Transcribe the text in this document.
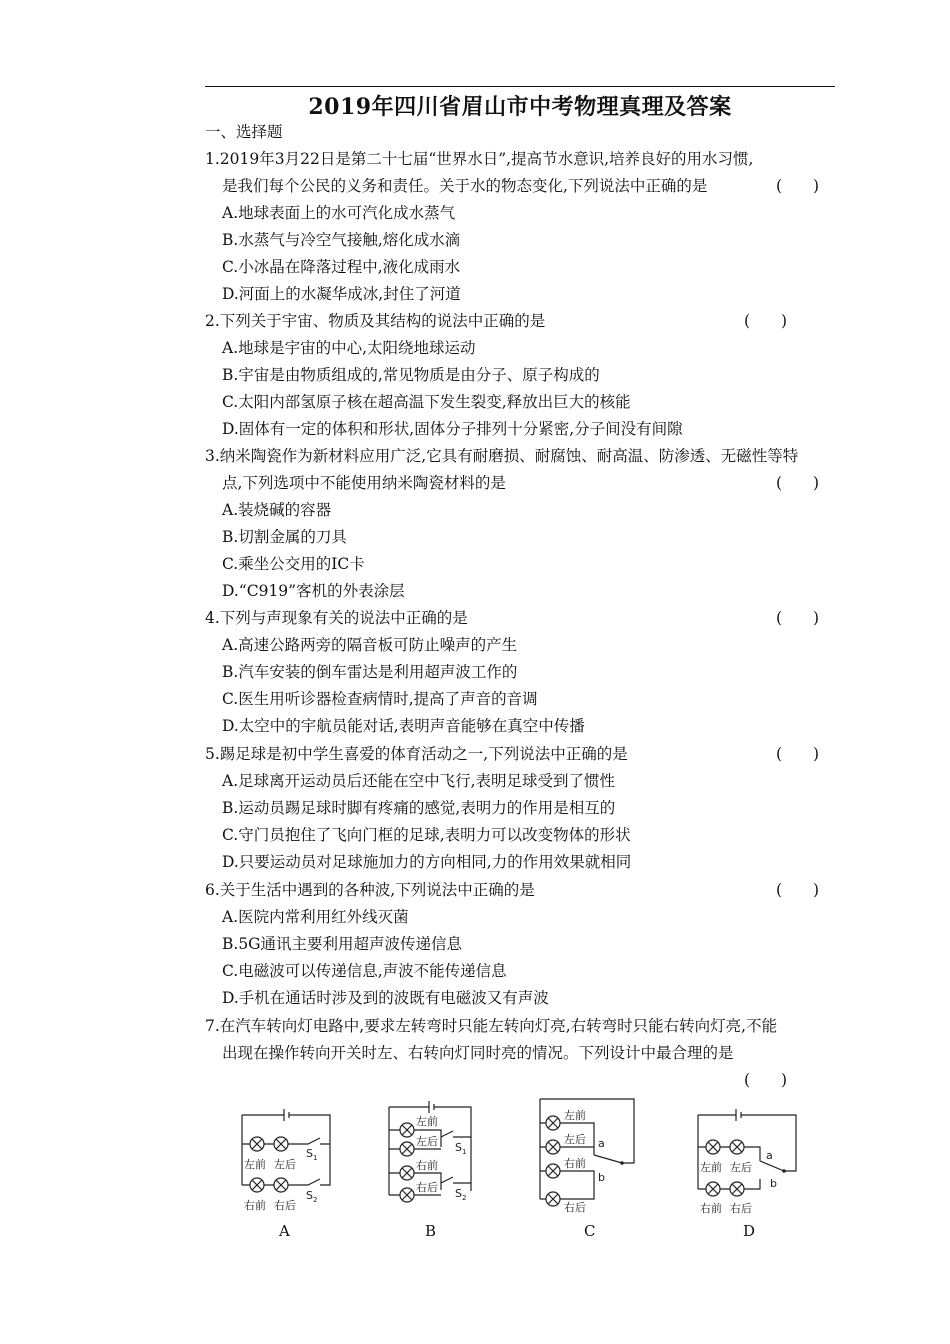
2019年四川省眉山市中考物理真理及答案
一、选择题
1.2019年3月22日是第二十七届“世界水日”,提高节水意识,培养良好的用水习惯,
是我们每个公民的义务和责任。关于水的物态变化,下列说法中正确的是	(　　)
A.地球表面上的水可汽化成水蒸气
B.水蒸气与冷空气接触,熔化成水滴
C.小冰晶在降落过程中,液化成雨水
D.河面上的水凝华成冰,封住了河道
2.下列关于宇宙、物质及其结构的说法中正确的是	(　　)
A.地球是宇宙的中心,太阳绕地球运动
B.宇宙是由物质组成的,常见物质是由分子、原子构成的
C.太阳内部氢原子核在超高温下发生裂变,释放出巨大的核能
D.固体有一定的体积和形状,固体分子排列十分紧密,分子间没有间隙
3.纳米陶瓷作为新材料应用广泛,它具有耐磨损、耐腐蚀、耐高温、防渗透、无磁性等特
点,下列选项中不能使用纳米陶瓷材料的是	(　　)
A.装烧碱的容器
B.切割金属的刀具
C.乘坐公交用的IC卡
D.“C919”客机的外表涂层
4.下列与声现象有关的说法中正确的是	(　　)
A.高速公路两旁的隔音板可防止噪声的产生
B.汽车安装的倒车雷达是利用超声波工作的
C.医生用听诊器检查病情时,提高了声音的音调
D.太空中的宇航员能对话,表明声音能够在真空中传播
5.踢足球是初中学生喜爱的体育活动之一,下列说法中正确的是	(　　)
A.足球离开运动员后还能在空中飞行,表明足球受到了惯性
B.运动员踢足球时脚有疼痛的感觉,表明力的作用是相互的
C.守门员抱住了飞向门框的足球,表明力可以改变物体的形状
D.只要运动员对足球施加力的方向相同,力的作用效果就相同
6.关于生活中遇到的各种波,下列说法中正确的是	(　　)
A.医院内常利用红外线灭菌
B.5G通讯主要利用超声波传递信息
C.电磁波可以传递信息,声波不能传递信息
D.手机在通话时涉及到的波既有电磁波又有声波
7.在汽车转向灯电路中,要求左转弯时只能左转向灯亮,右转弯时只能右转向灯亮,不能
出现在操作转向开关时左、右转向灯同时亮的情况。下列设计中最合理的是
(　　)
左前 左后
右前 右后
$S_1$
$S_2$
A
左前
左后
右前
右后
$S_1$
$S_2$
B
左前
左后
右前
右后
a
b
C
左前 左后
右前 右后
a
b
D
